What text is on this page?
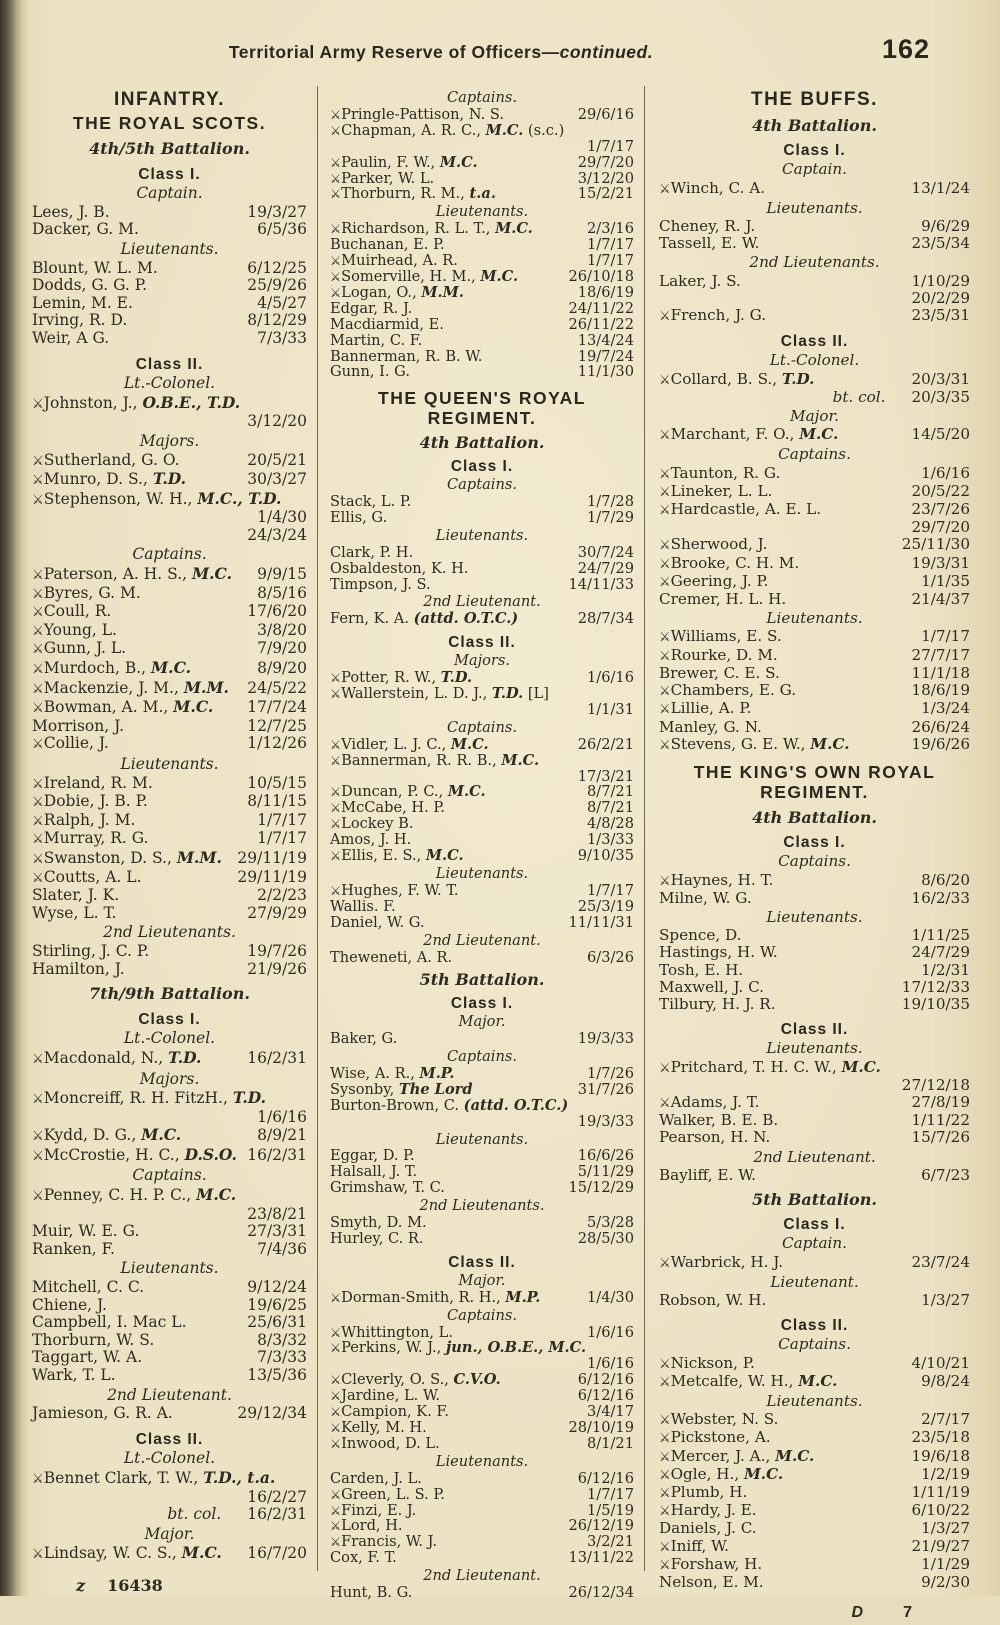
Territorial Army Reserve of Officers—continued.	162
INFANTRY.
THE ROYAL SCOTS.
4th/5th Battalion.
Class I.
Captain.
Lees, J. B.	19/3/27
Dacker, G. M.	6/5/36
Lieutenants.
Blount, W. L. M.	6/12/25
Dodds, G. G. P.	25/9/26
Lemin, M. E.	4/5/27
Irving, R. D.	8/12/29
Weir, A G.	7/3/33
Class II.
Lt.-Colonel.
⚔Johnston, J., O.B.E., T.D.
3/12/20
Majors.
⚔Sutherland, G. O.	20/5/21
⚔Munro, D. S., T.D.	30/3/27
⚔Stephenson, W. H., M.C., T.D.
1/4/30
24/3/24
Captains.
⚔Paterson, A. H. S., M.C. 9/9/15
⚔Byres, G. M.	8/5/16
⚔Coull, R.	17/6/20
⚔Young, L.	3/8/20
⚔Gunn, J. L.	7/9/20
⚔Murdoch, B., M.C.	8/9/20
⚔Mackenzie, J. M., M.M. 24/5/22
⚔Bowman, A. M., M.C. 17/7/24
Morrison, J.	12/7/25
⚔Collie, J.	1/12/26
Lieutenants.
⚔Ireland, R. M.	10/5/15
⚔Dobie, J. B. P.	8/11/15
⚔Ralph, J. M.	1/7/17
⚔Murray, R. G.	1/7/17
⚔Swanston, D. S., M.M. 29/11/19
⚔Coutts, A. L.	29/11/19
Slater, J. K.	2/2/23
Wyse, L. T.	27/9/29
2nd Lieutenants.
Stirling, J. C. P.	19/7/26
Hamilton, J.	21/9/26
7th/9th Battalion.
Class I.
Lt.-Colonel.
⚔Macdonald, N., T.D.	16/2/31
Majors.
⚔Moncreiff, R. H. FitzH., T.D.
1/6/16
⚔Kydd, D. G., M.C.	8/9/21
⚔McCrostie, H. C., D.S.O. 16/2/31
Captains.
⚔Penney, C. H. P. C., M.C.
23/8/21
Muir, W. E. G.	27/3/31
Ranken, F.	7/4/36
Lieutenants.
Mitchell, C. C.	9/12/24
Chiene, J.	19/6/25
Campbell, I. Mac L.	25/6/31
Thorburn, W. S.	8/3/32
Taggart, W. A.	7/3/33
Wark, T. L.	13/5/36
2nd Lieutenant.
Jamieson, G. R. A.	29/12/34
Class II.
Lt.-Colonel.
⚔Bennet Clark, T. W., T.D., t.a.
16/2/27
bt. col. 16/2/31
Major.
⚔Lindsay, W. C. S., M.C. 16/7/20
z 16438
Captains.
⚔Pringle-Pattison, N. S.	29/6/16
⚔Chapman, A. R. C., M.C. (s.c.)
1/7/17
⚔Paulin, F. W., M.C.	29/7/20
⚔Parker, W. L.	3/12/20
⚔Thorburn, R. M., t.a.	15/2/21
Lieutenants.
⚔Richardson, R. L. T., M.C.	2/3/16
Buchanan, E. P.	1/7/17
⚔Muirhead, A. R.	1/7/17
⚔Somerville, H. M., M.C.	26/10/18
⚔Logan, O., M.M.	18/6/19
Edgar, R. J.	24/11/22
Macdiarmid, E.	26/11/22
Martin, C. F.	13/4/24
Bannerman, R. B. W.	19/7/24
Gunn, I. G.	11/1/30
THE QUEEN'S ROYAL REGIMENT.
4th Battalion.
Class I.
Captains.
Stack, L. P.	1/7/28
Ellis, G.	1/7/29
Lieutenants.
Clark, P. H.	30/7/24
Osbaldeston, K. H.	24/7/29
Timpson, J. S.	14/11/33
2nd Lieutenant.
Fern, K. A. (attd. O.T.C.)	28/7/34
Class II.
Majors.
⚔Potter, R. W., T.D.	1/6/16
⚔Wallerstein, L. D. J., T.D. [L]
1/1/31
Captains.
⚔Vidler, L. J. C., M.C.	26/2/21
⚔Bannerman, R. R. B., M.C.
17/3/21
⚔Duncan, P. C., M.C.	8/7/21
⚔McCabe, H. P.	8/7/21
⚔Lockey B.	4/8/28
Amos, J. H.	1/3/33
⚔Ellis, E. S., M.C.	9/10/35
Lieutenants.
⚔Hughes, F. W. T.	1/7/17
Wallis. F.	25/3/19
Daniel, W. G.	11/11/31
2nd Lieutenant.
Theweneti, A. R.	6/3/26
5th Battalion.
Class I.
Major.
Baker, G.	19/3/33
Captains.
Wise, A. R., M.P.	1/7/26
Sysonby, The Lord	31/7/26
Burton-Brown, C. (attd. O.T.C.)
19/3/33
Lieutenants.
Eggar, D. P.	16/6/26
Halsall, J. T.	5/11/29
Grimshaw, T. C.	15/12/29
2nd Lieutenants.
Smyth, D. M.	5/3/28
Hurley, C. R.	28/5/30
Class II.
Major.
⚔Dorman-Smith, R. H., M.P.	1/4/30
Captains.
⚔Whittington, L.	1/6/16
⚔Perkins, W. J., jun., O.B.E., M.C.
1/6/16
⚔Cleverly, O. S., C.V.O.	6/12/16
⚔Jardine, L. W.	6/12/16
⚔Campion, K. F.	3/4/17
⚔Kelly, M. H.	28/10/19
⚔Inwood, D. L.	8/1/21
Lieutenants.
Carden, J. L.	6/12/16
⚔Green, L. S. P.	1/7/17
⚔Finzi, E. J.	1/5/19
⚔Lord, H.	26/12/19
⚔Francis, W. J.	3/2/21
Cox, F. T.	13/11/22
2nd Lieutenant.
Hunt, B. G.	26/12/34
THE BUFFS.
4th Battalion.
Class I.
Captain.
⚔Winch, C. A.	13/1/24
Lieutenants.
Cheney, R. J.	9/6/29
Tassell, E. W.	23/5/34
2nd Lieutenants.
Laker, J. S.	1/10/29
20/2/29
⚔French, J. G.	23/5/31
Class II.
Lt.-Colonel.
⚔Collard, B. S., T.D.	20/3/31
bt. col. 20/3/35
Major.
⚔Marchant, F. O., M.C.	14/5/20
Captains.
⚔Taunton, R. G.	1/6/16
⚔Lineker, L. L.	20/5/22
⚔Hardcastle, A. E. L.	23/7/26
29/7/20
⚔Sherwood, J.	25/11/30
⚔Brooke, C. H. M.	19/3/31
⚔Geering, J. P.	1/1/35
Cremer, H. L. H.	21/4/37
Lieutenants.
⚔Williams, E. S.	1/7/17
⚔Rourke, D. M.	27/7/17
Brewer, C. E. S.	11/1/18
⚔Chambers, E. G.	18/6/19
⚔Lillie, A. P.	1/3/24
Manley, G. N.	26/6/24
⚔Stevens, G. E. W., M.C.	19/6/26
THE KING'S OWN ROYAL REGIMENT.
4th Battalion.
Class I.
Captains.
⚔Haynes, H. T.	8/6/20
Milne, W. G.	16/2/33
Lieutenants.
Spence, D.	1/11/25
Hastings, H. W.	24/7/29
Tosh, E. H.	1/2/31
Maxwell, J. C.	17/12/33
Tilbury, H. J. R.	19/10/35
Class II.
Lieutenants.
⚔Pritchard, T. H. C. W., M.C.
27/12/18
⚔Adams, J. T.	27/8/19
Walker, B. E. B.	1/11/22
Pearson, H. N.	15/7/26
2nd Lieutenant.
Bayliff, E. W.	6/7/23
5th Battalion.
Class I.
Captain.
⚔Warbrick, H. J.	23/7/24
Lieutenant.
Robson, W. H.	1/3/27
Class II.
Captains.
⚔Nickson, P.	4/10/21
⚔Metcalfe, W. H., M.C.	9/8/24
Lieutenants.
⚔Webster, N. S.	2/7/17
⚔Pickstone, A.	23/5/18
⚔Mercer, J. A., M.C.	19/6/18
⚔Ogle, H., M.C.	1/2/19
⚔Plumb, H.	1/11/19
⚔Hardy, J. E.	6/10/22
Daniels, J. C.	1/3/27
⚔Iniff, W.	21/9/27
⚔Forshaw, H.	1/1/29
Nelson, E. M.	9/2/30
D	7
